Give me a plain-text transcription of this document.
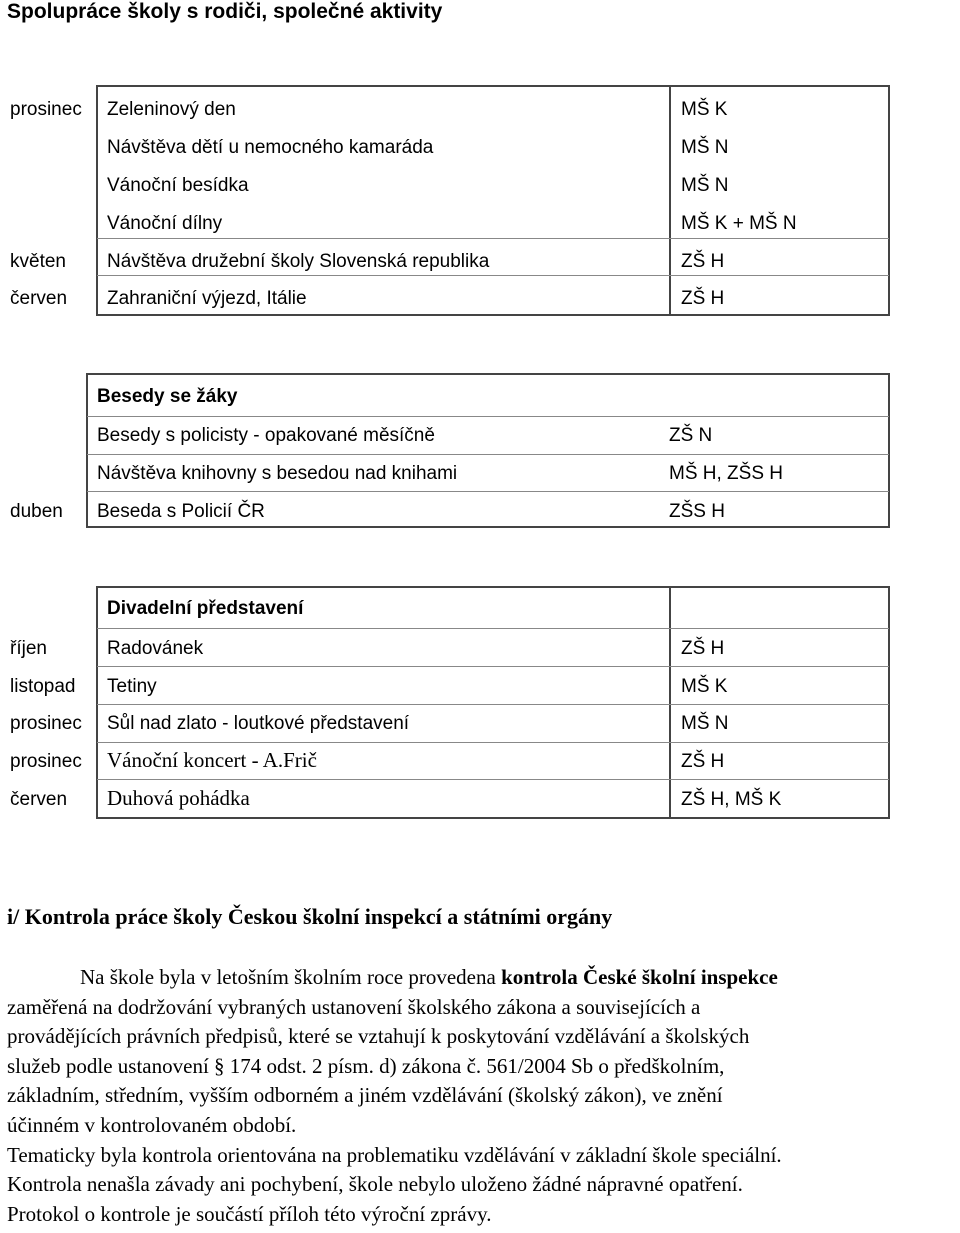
Spolupráce školy s rodiči, společné aktivity
prosinec Zeleninový den	MŠ K
Návštěva dětí u nemocného kamaráda	MŠ N
Vánoční besídka	MŠ N
Vánoční dílny	MŠ K + MŠ N
květen Návštěva družební školy Slovenská republika	ZŠ H
červen Zahraniční výjezd, Itálie	ZŠ H
Besedy se žáky
Besedy s policisty - opakované měsíčně	ZŠ N
Návštěva knihovny s besedou nad knihami	MŠ H, ZŠS H
duben Beseda s Policií ČR	ZŠS H
Divadelní představení
říjen	Radovánek	ZŠ H
listopad Tetiny	MŠ K
prosinec Sůl nad zlato - loutkové představení	MŠ N
prosinec Vánoční koncert - A.Frič	ZŠ H
červen Duhová pohádka	ZŠ H, MŠ K
i/ Kontrola práce školy Českou školní inspekcí a státními orgány

Na škole byla v letošním školním roce provedena kontrola České školní inspekce

zaměřená na dodržování vybraných ustanovení školského zákona a souvisejících a

provádějících právních předpisů, které se vztahují k poskytování vzdělávání a školských

služeb podle ustanovení § 174 odst. 2 písm. d) zákona č. 561/2004 Sb o předškolním,

základním, středním, vyšším odborném a jiném vzdělávání (školský zákon), ve znění

účinném v kontrolovaném období.

Tematicky byla kontrola orientována na problematiku vzdělávání v základní škole speciální.

Kontrola nenašla závady ani pochybení, škole nebylo uloženo žádné nápravné opatření.

Protokol o kontrole je součástí příloh této výroční zprávy.
